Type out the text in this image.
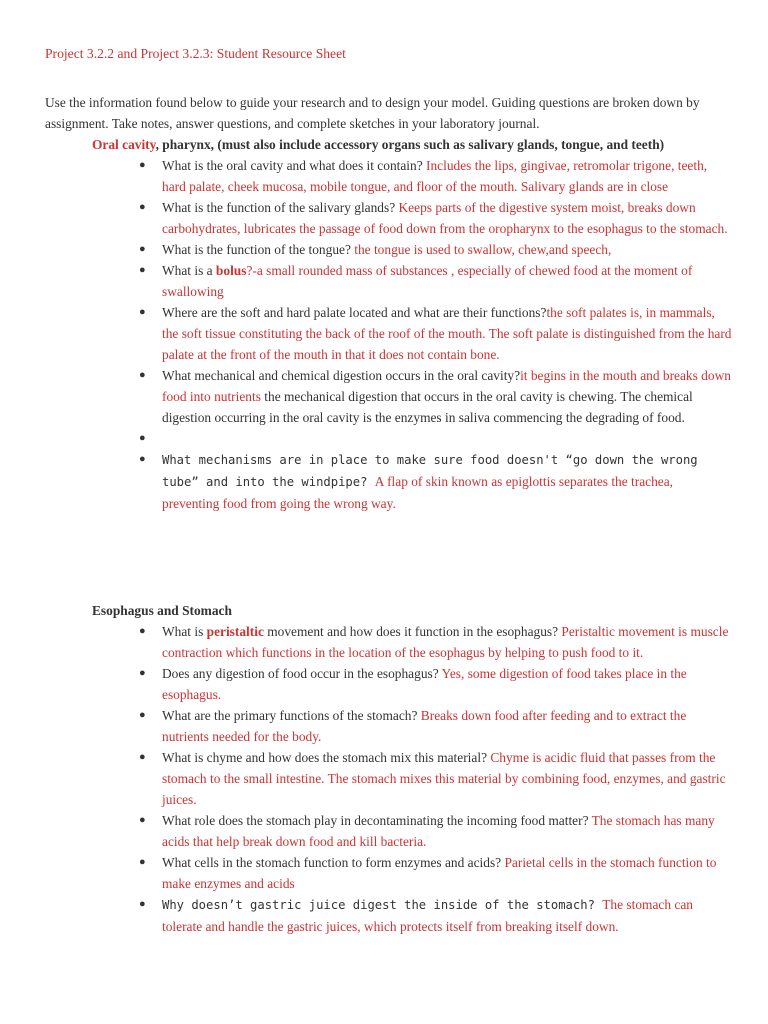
Project 3.2.2 and Project 3.2.3: Student Resource Sheet
Use the information found below to guide your research and to design your model. Guiding questions are broken down by assignment. Take notes, answer questions, and complete sketches in your laboratory journal.
Oral cavity, pharynx, (must also include accessory organs such as salivary glands, tongue, and teeth)
● What is the oral cavity and what does it contain? Includes the lips, gingivae, retromolar trigone, teeth, hard palate, cheek mucosa, mobile tongue, and floor of the mouth. Salivary glands are in close
● What is the function of the salivary glands? Keeps parts of the digestive system moist, breaks down carbohydrates, lubricates the passage of food down from the oropharynx to the esophagus to the stomach.
● What is the function of the tongue? the tongue is used to swallow, chew,and speech,
● What is a bolus?-a small rounded mass of substances , especially of chewed food at the moment of swallowing
● Where are the soft and hard palate located and what are their functions?the soft palates is, in mammals, the soft tissue constituting the back of the roof of the mouth. The soft palate is distinguished from the hard palate at the front of the mouth in that it does not contain bone.
● What mechanical and chemical digestion occurs in the oral cavity?it begins in the mouth and breaks down food into nutrients the mechanical digestion that occurs in the oral cavity is chewing. The chemical digestion occurring in the oral cavity is the enzymes in saliva commencing the degrading of food.
●
● What mechanisms are in place to make sure food doesn't “go down the wrong tube” and into the windpipe? A flap of skin known as epiglottis separates the trachea, preventing food from going the wrong way.
Esophagus and Stomach
● What is peristaltic movement and how does it function in the esophagus? Peristaltic movement is muscle contraction which functions in the location of the esophagus by helping to push food to it.
● Does any digestion of food occur in the esophagus? Yes, some digestion of food takes place in the esophagus.
● What are the primary functions of the stomach? Breaks down food after feeding and to extract the nutrients needed for the body.
● What is chyme and how does the stomach mix this material? Chyme is acidic fluid that passes from the stomach to the small intestine. The stomach mixes this material by combining food, enzymes, and gastric juices.
● What role does the stomach play in decontaminating the incoming food matter? The stomach has many acids that help break down food and kill bacteria.
● What cells in the stomach function to form enzymes and acids? Parietal cells in the stomach function to make enzymes and acids
● Why doesn’t gastric juice digest the inside of the stomach? The stomach can tolerate and handle the gastric juices, which protects itself from breaking itself down.
